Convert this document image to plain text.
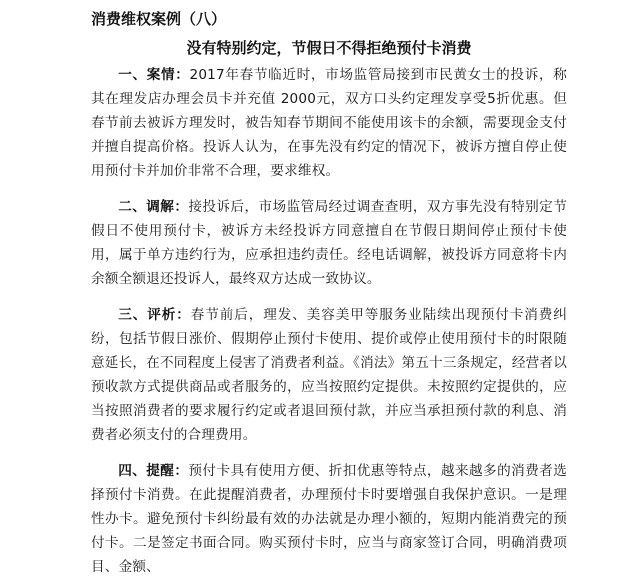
消费维权案例（八）
没有特别约定，节假日不得拒绝预付卡消费

一、案情：2017年春节临近时，市场监管局接到市民黄女士的投诉，称其在理发店办理会员卡并充值 2000元，双方口头约定理发享受5折优惠。但春节前去被诉方理发时，被告知春节期间不能使用该卡的余额，需要现金支付并擅自提高价格。投诉人认为，在事先没有约定的情况下，被诉方擅自停止使用预付卡并加价非常不合理，要求维权。

二、调解：接投诉后，市场监管局经过调查查明，双方事先没有特别定节假日不使用预付卡，被诉方未经投诉方同意擅自在节假日期间停止预付卡使用，属于单方违约行为，应承担违约责任。经电话调解，被投诉方同意将卡内余额全额退还投诉人，最终双方达成一致协议。

三、评析：春节前后，理发、美容美甲等服务业陆续出现预付卡消费纠纷，包括节假日涨价、假期停止预付卡使用、提价或停止使用预付卡的时限随意延长，在不同程度上侵害了消费者利益。《消法》第五十三条规定，经营者以预收款方式提供商品或者服务的，应当按照约定提供。未按照约定提供的，应当按照消费者的要求履行约定或者退回预付款，并应当承担预付款的利息、消费者必须支付的合理费用。

四、提醒：预付卡具有使用方便、折扣优惠等特点，越来越多的消费者选择预付卡消费。在此提醒消费者，办理预付卡时要增强自我保护意识。一是理性办卡。避免预付卡纠纷最有效的办法就是办理小额的，短期内能消费完的预付卡。二是签定书面合同。购买预付卡时，应当与商家签订合同，明确消费项目、金额、
